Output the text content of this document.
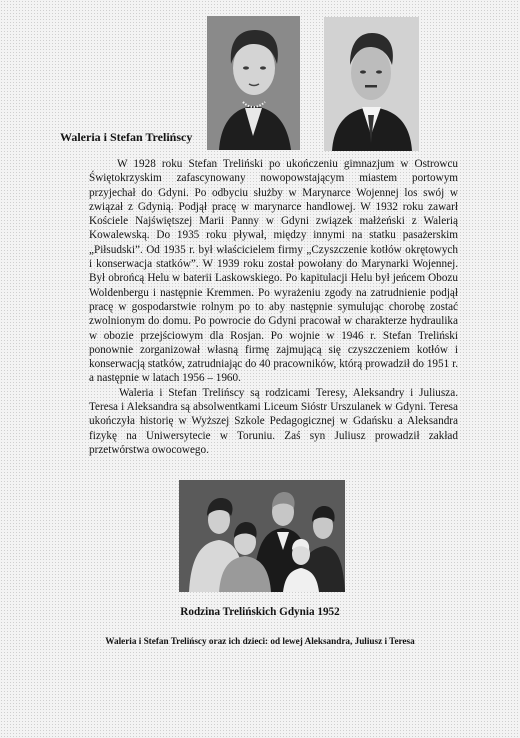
Waleria i Stefan Trelińscy

W 1928 roku Stefan Treliński po ukończeniu gimnazjum w Ostrowcu Świętokrzyskim zafascynowany nowopowstającym miastem portowym przyjechał do Gdyni. Po odbyciu służby w Marynarce Wojennej los swój w związał z Gdynią. Podjął pracę w marynarce handlowej. W 1932 roku zawarł Kościele Najświętszej Marii Panny w Gdyni związek małżeński z Walerią Kowalewską. Do 1935 roku pływał, między innymi na statku pasażerskim „Piłsudski”. Od 1935 r. był właścicielem firmy „Czyszczenie kotłów okrętowych i konserwacja statków”. W 1939 roku został powołany do Marynarki Wojennej. Był obrońcą Helu w baterii Laskowskiego. Po kapitulacji Helu był jeńcem Obozu Woldenbergu i następnie Kremmen. Po wyrażeniu zgody na zatrudnienie podjął pracę w gospodarstwie rolnym po to aby następnie symulując chorobę zostać zwolnionym do domu. Po powrocie do Gdyni pracował w charakterze hydraulika w obozie przejściowym dla Rosjan. Po wojnie w 1946 r. Stefan Treliński ponownie zorganizował własną firmę zajmującą się czyszczeniem kotłów i konserwacją statków, zatrudniając do 40 pracowników, którą prowadził do 1951 r. a następnie w latach 1956 – 1960.

Waleria i Stefan Trelińscy są rodzicami Teresy, Aleksandry i Juliusza. Teresa i Aleksandra są absolwentkami Liceum Sióstr Urszulanek w Gdyni. Teresa ukończyła historię w Wyższej Szkole Pedagogicznej w Gdańsku a Aleksandra fizykę na Uniwersytecie w Toruniu. Zaś syn Juliusz prowadził zakład przetwórstwa owocowego.

Rodzina Trelińskich Gdynia 1952
Waleria i Stefan Trelińscy oraz ich dzieci: od lewej Aleksandra, Juliusz i Teresa
